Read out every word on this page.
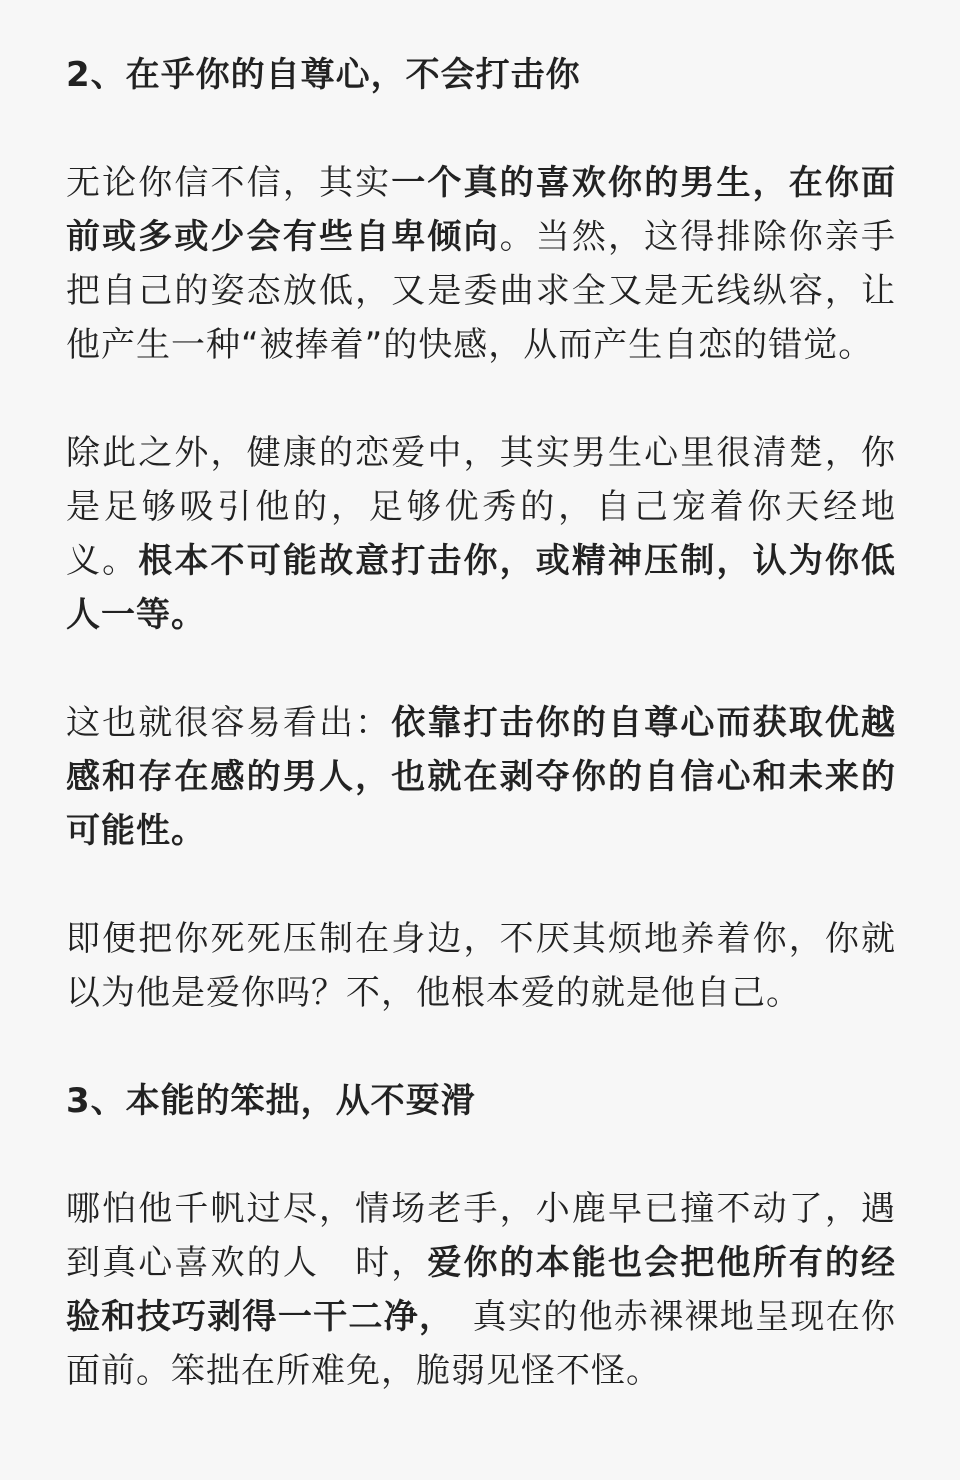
2、在乎你的自尊心，不会打击你

无论你信不信，其实一个真的喜欢你的男生，在你面前或多或少会有些自卑倾向。当然，这得排除你亲手把自己的姿态放低，又是委曲求全又是无线纵容，让他产生一种“被捧着”的快感，从而产生自恋的错觉。

除此之外，健康的恋爱中，其实男生心里很清楚，你是足够吸引他的，足够优秀的，自己宠着你天经地义。根本不可能故意打击你，或精神压制，认为你低人一等。

这也就很容易看出：依靠打击你的自尊心而获取优越感和存在感的男人，也就在剥夺你的自信心和未来的可能性。

即便把你死死压制在身边，不厌其烦地养着你，你就以为他是爱你吗？不，他根本爱的就是他自己。

3、本能的笨拙，从不耍滑

哪怕他千帆过尽，情场老手，小鹿早已撞不动了，遇到真心喜欢的人　时，爱你的本能也会把他所有的经验和技巧剥得一干二净，　真实的他赤裸裸地呈现在你面前。笨拙在所难免，脆弱见怪不怪。
